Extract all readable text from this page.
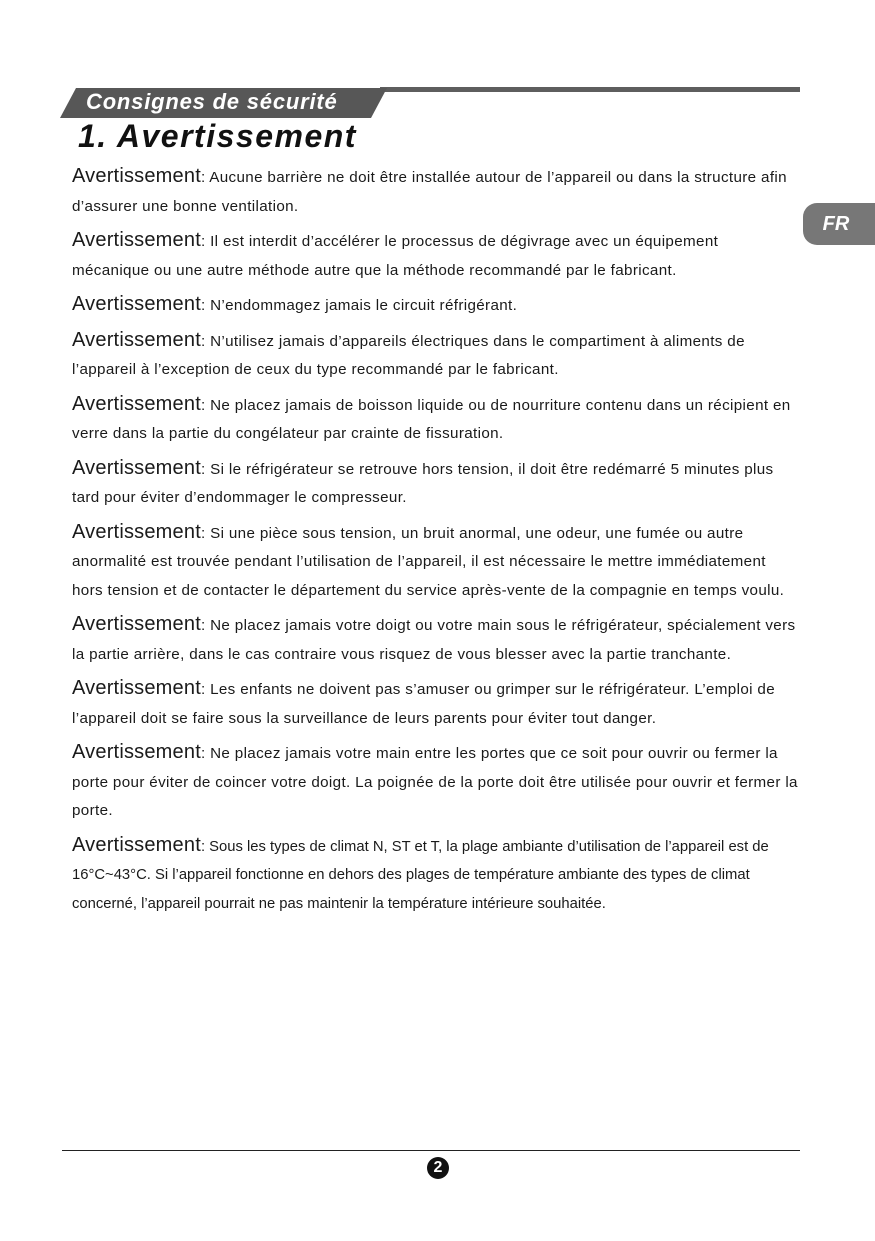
Consignes de sécurité
FR
1. Avertissement

Avertissement: Aucune barrière ne doit être installée autour de l’appareil ou dans la structure afin d’assurer une bonne ventilation.

Avertissement: Il est interdit d’accélérer le processus de dégivrage avec un équipement mécanique ou une autre méthode autre que la méthode recommandé par le fabricant.

Avertissement: N’endommagez jamais le circuit réfrigérant.

Avertissement: N’utilisez jamais d’appareils électriques dans le compartiment à aliments de l’appareil à l’exception de ceux du type recommandé par le fabricant.

Avertissement: Ne placez jamais de boisson liquide ou de nourriture contenu dans un récipient en verre dans la partie du congélateur par crainte de fissuration.

Avertissement: Si le réfrigérateur se retrouve hors tension, il doit être redémarré 5 minutes plus tard pour éviter d’endommager le compresseur.

Avertissement: Si une pièce sous tension, un bruit anormal, une odeur, une fumée ou autre anormalité est trouvée pendant l’utilisation de l’appareil, il est nécessaire le mettre immédiatement hors tension et de contacter le département du service après-vente de la compagnie en temps voulu.

Avertissement: Ne placez jamais votre doigt ou votre main sous le réfrigérateur, spécialement vers la partie arrière, dans le cas contraire vous risquez de vous blesser avec la partie tranchante.

Avertissement: Les enfants ne doivent pas s’amuser ou grimper sur le réfrigérateur. L’emploi de l’appareil doit se faire sous la surveillance de leurs parents pour éviter tout danger.

Avertissement: Ne placez jamais votre main entre les portes que ce soit pour ouvrir ou fermer la porte pour éviter de coincer votre doigt. La poignée de la porte doit être utilisée pour ouvrir et fermer la porte.

Avertissement: Sous les types de climat N, ST et T, la plage ambiante d’utilisation de l’appareil est de 16°C~43°C. Si l’appareil fonctionne en dehors des plages de température ambiante des types de climat concerné, l’appareil pourrait ne pas maintenir la température intérieure souhaitée.

2
